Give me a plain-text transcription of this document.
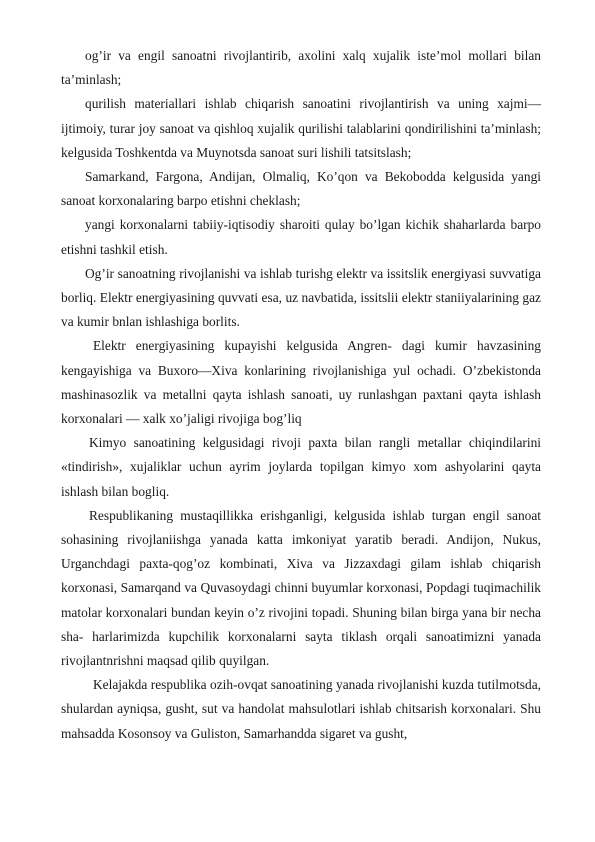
og’ir va engil sanoatni rivojlantirib, axolini xalq xujalik iste’mol mollari bilan ta’minlash;

qurilish materiallari ishlab chiqarish sanoatini rivojlantirish va uning xajmi—ijtimoiy, turar joy sanoat va qishloq xujalik qurilishi talablarini qondirilishini ta’minlash; kelgusida Toshkentda va Muynotsda sanoat suri lishili tatsitslash;

Samarkand, Fargona, Andijan, Olmaliq, Ko’qon va Bekobodda kelgusida yangi sanoat korxonalaring barpo etishni cheklash;

yangi korxonalarni tabiiy-iqtisodiy sharoiti qulay bo’lgan kichik shaharlarda barpo etishni tashkil etish.

Og’ir sanoatning rivojlanishi va ishlab turishg elektr va issitslik energiyasi suvvatiga borliq. Elektr energiyasining quvvati esa, uz navbatida, issitslii elektr staniiyalarining gaz va kumir bnlan ishlashiga borlits.

Elektr energiyasining kupayishi kelgusida Angren- dagi kumir havzasining kengayishiga va Buxoro—Xiva konlarining rivojlanishiga yul ochadi. O’zbekistonda mashinasozlik va metallni qayta ishlash sanoati, uy runlashgan paxtani qayta ishlash korxonalari — xalk xo’jaligi rivojiga bog’liq

Kimyo sanoatining kelgusidagi rivoji paxta bilan rangli metallar chiqindilarini «tindirish», xujaliklar uchun ayrim joylarda topilgan kimyo xom ashyolarini qayta ishlash bilan bogliq.

Respublikaning mustaqillikka erishganligi, kelgusida ishlab turgan engil sanoat sohasining rivojlaniishga yanada katta imkoniyat yaratib beradi. Andijon, Nukus, Urganchdagi paxta-qog’oz kombinati, Xiva va Jizzaxdagi gilam ishlab chiqarish korxonasi, Samarqand va Quvasoydagi chinni buyumlar korxonasi, Popdagi tuqimachilik matolar korxonalari bundan keyin o’z rivojini topadi. Shuning bilan birga yana bir necha sha- harlarimizda kupchilik korxonalarni sayta tiklash orqali sanoatimizni yanada rivojlantnrishni maqsad qilib quyilgan.

Kelajakda respublika ozih-ovqat sanoatining yanada rivojlanishi kuzda tutilmotsda, shulardan ayniqsa, gusht, sut va handolat mahsulotlari ishlab chitsarish korxonalari. Shu mahsadda Kosonsoy va Guliston, Samarhandda sigaret va gusht,
